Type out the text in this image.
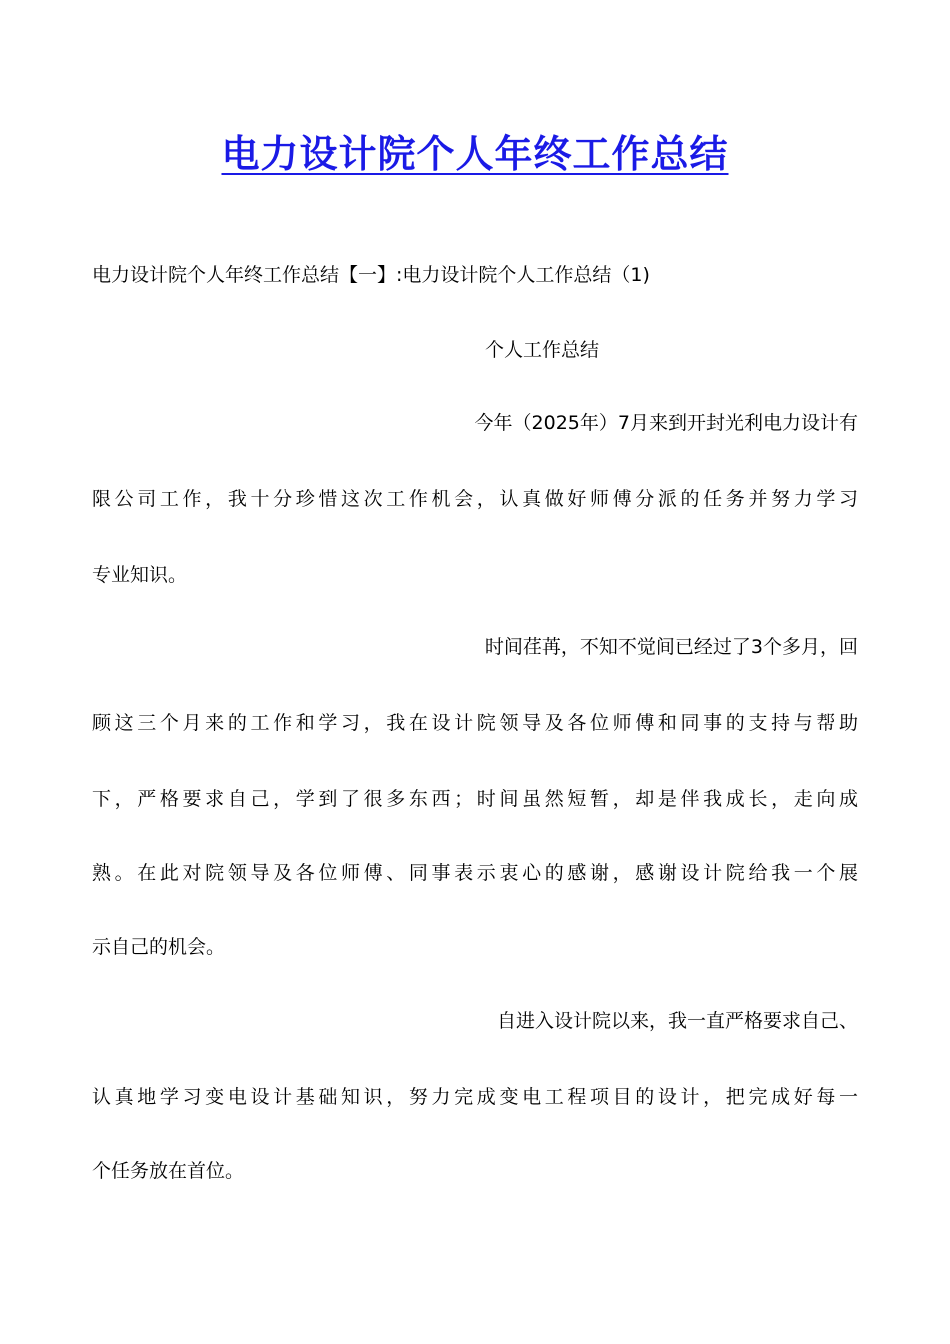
电力设计院个人年终工作总结
电力设计院个人年终工作总结【一】:电力设计院个人工作总结（1)
个人工作总结
今年（2025年）7月来到开封光利电力设计有
限公司工作，我十分珍惜这次工作机会，认真做好师傅分派的任务并努力学习
专业知识。
时间荏苒，不知不觉间已经过了3个多月，回
顾这三个月来的工作和学习，我在设计院领导及各位师傅和同事的支持与帮助
下，严格要求自己，学到了很多东西；时间虽然短暂，却是伴我成长，走向成
熟。在此对院领导及各位师傅、同事表示衷心的感谢，感谢设计院给我一个展
示自己的机会。
自进入设计院以来，我一直严格要求自己、
认真地学习变电设计基础知识，努力完成变电工程项目的设计，把完成好每一
个任务放在首位。
